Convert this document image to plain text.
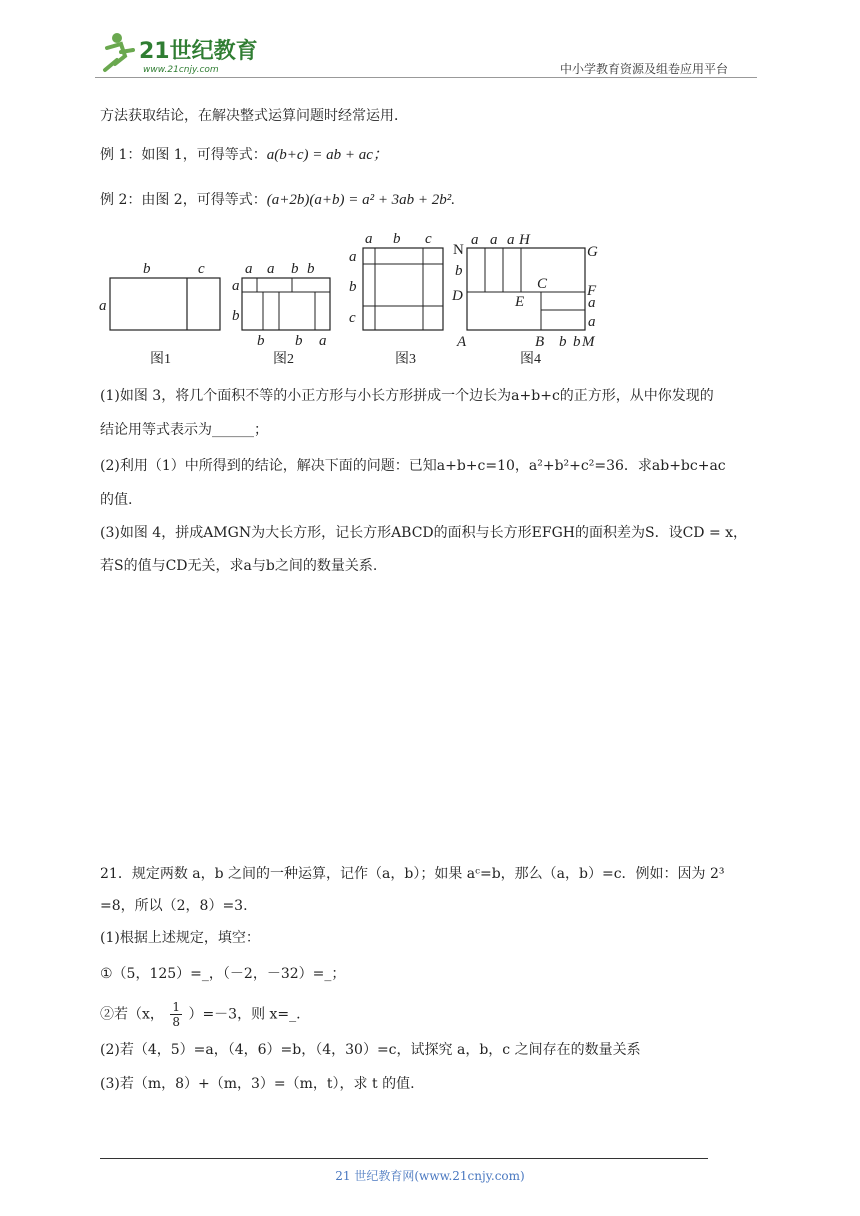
21世纪教育
www.21cnjy.com	中小学教育资源及组卷应用平台
方法获取结论，在解决整式运算问题时经常运用．
例 1：如图 1，可得等式：a(b+c) = ab + ac；
例 2：由图 2，可得等式：(a+2b)(a+b) = a² + 3ab + 2b².
a
b	c
图1
a a b b
a
b
b b a
图2
a b c
a
b
c
图3
N
a a a H
G
b
D
C	F
E	a
a
A	B b b M
图4
(1)如图 3，将几个面积不等的小正方形与小长方形拼成一个边长为a+b+c的正方形，从中你发现的
结论用等式表示为______；
(2)利用（1）中所得到的结论，解决下面的问题：已知a+b+c=10，a²+b²+c²=36．求ab+bc+ac
的值.
(3)如图 4，拼成AMGN为大长方形，记长方形ABCD的面积与长方形EFGH的面积差为S．设CD = x，
若S的值与CD无关，求a与b之间的数量关系.
21．规定两数 a，b 之间的一种运算，记作（a，b）；如果 aᶜ=b，那么（a，b）=c．例如：因为 2³
=8，所以（2，8）=3.
(1)根据上述规定，填空：
①（5，125）=_，（－2，－32）=_；
②若（x， $\frac{1}{8} )=-3$，则 x=_.
(2)若（4，5）=a，（4，6）=b，（4，30）=c，试探究 a，b，c 之间存在的数量关系
(3)若（m，8）+（m，3）=（m，t），求 t 的值.
21 世纪教育网(www.21cnjy.com)
